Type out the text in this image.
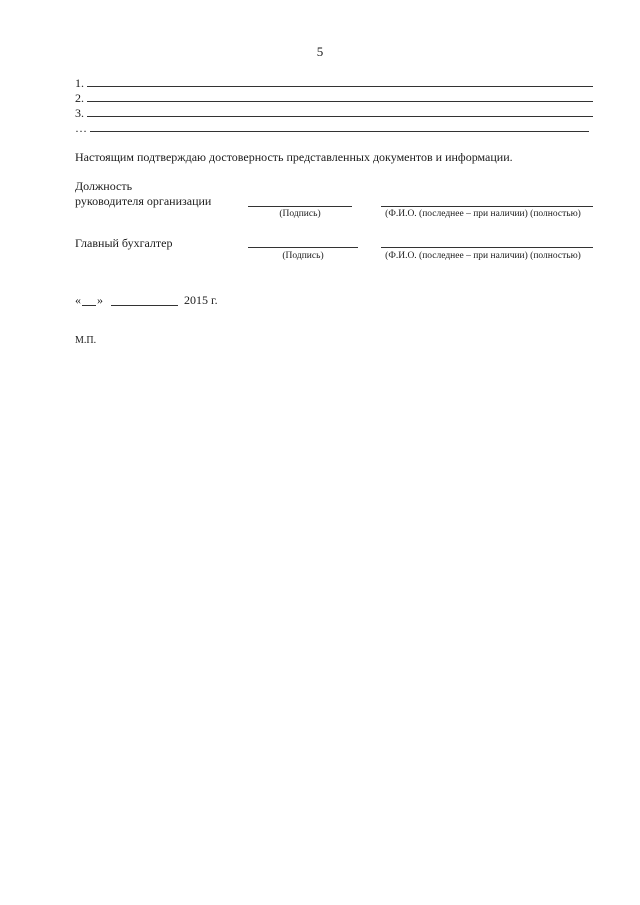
5
1.
2.
3.
…
Настоящим подтверждаю достоверность представленных документов и информации.
Должность
руководителя организации
(Подпись)	(Ф.И.О. (последнее – при наличии) (полностью)
Главный бухгалтер
(Подпись)	(Ф.И.О. (последнее – при наличии) (полностью)
« »	2015 г.
М.П.
